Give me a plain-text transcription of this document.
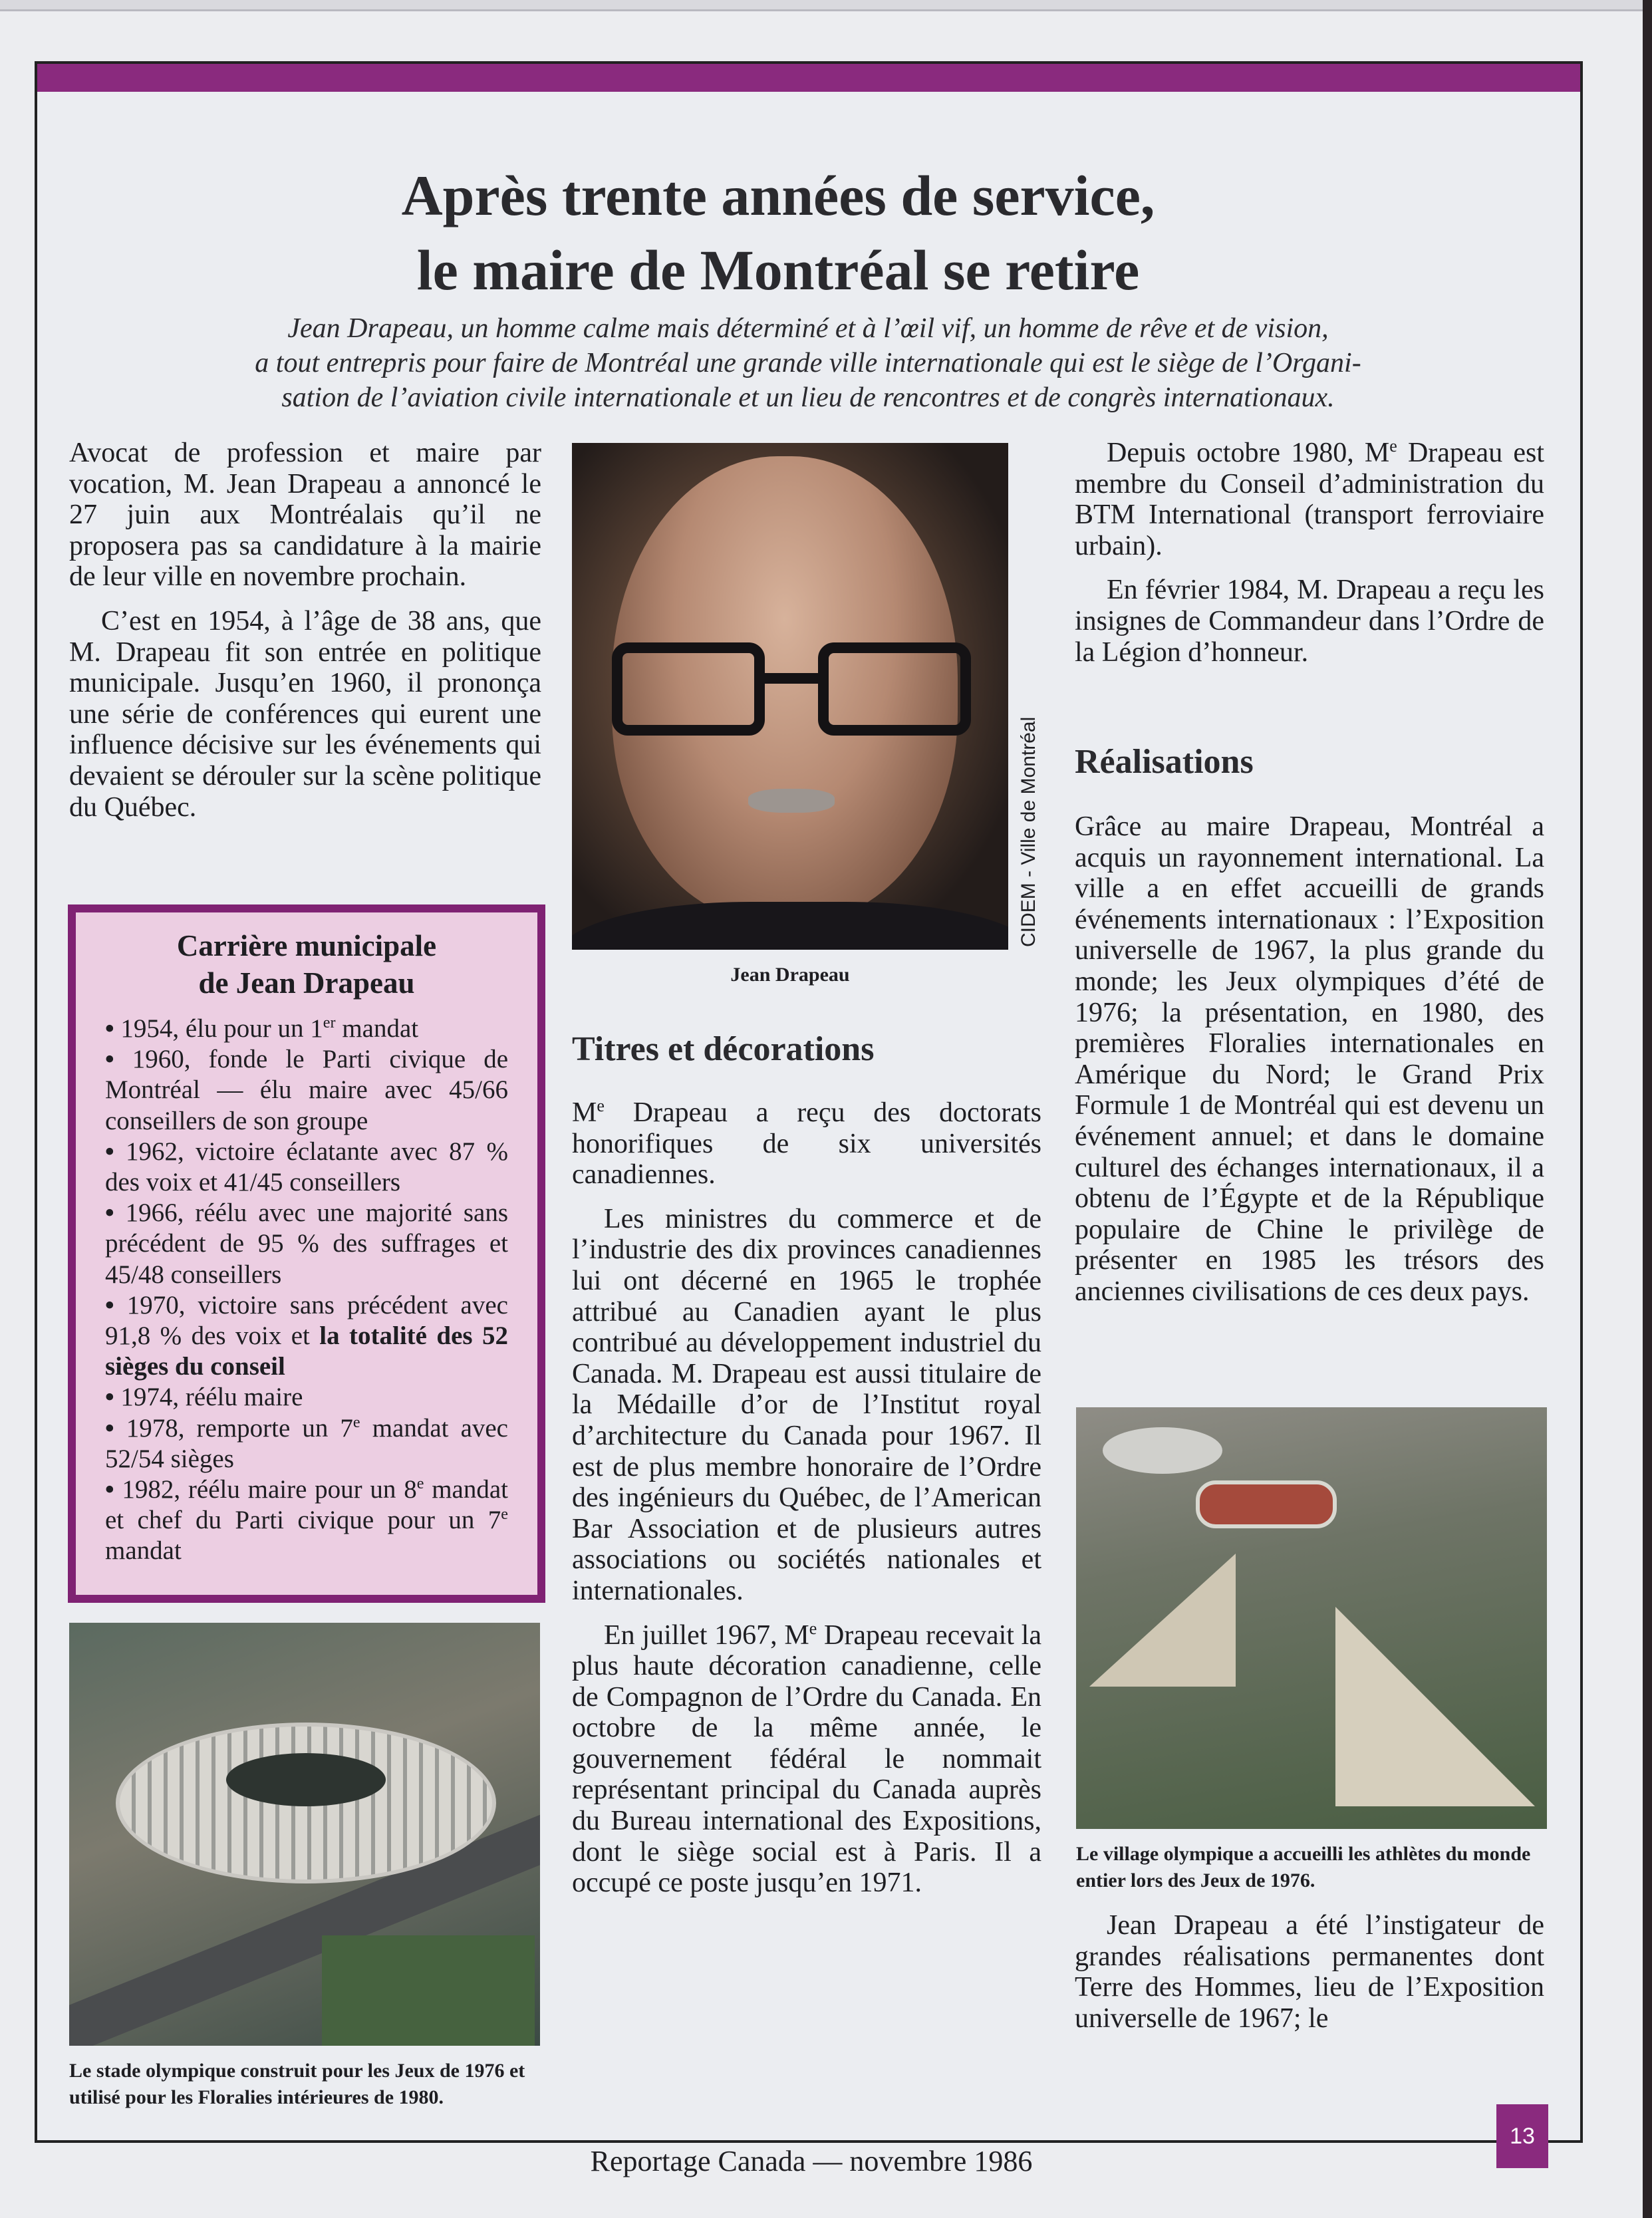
Après trente années de service,
le maire de Montréal se retire

Jean Drapeau, un homme calme mais déterminé et à l’œil vif, un homme de rêve et de vision,
a tout entrepris pour faire de Montréal une grande ville internationale qui est le siège de l’Organi-
sation de l’aviation civile internationale et un lieu de rencontres et de congrès internationaux.

Avocat de profession et maire par vocation, M. Jean Drapeau a annoncé le 27 juin aux Montréalais qu’il ne proposera pas sa candidature à la mairie de leur ville en novembre prochain.

C’est en 1954, à l’âge de 38 ans, que M. Drapeau fit son entrée en politique municipale. Jusqu’en 1960, il prononça une série de conférences qui eurent une influence décisive sur les événements qui devaient se dérouler sur la scène politique du Québec.

Carrière municipale
de Jean Drapeau
• 1954, élu pour un 1er mandat
• 1960, fonde le Parti civique de Montréal — élu maire avec 45/66 conseillers de son groupe
• 1962, victoire éclatante avec 87 % des voix et 41/45 conseillers
• 1966, réélu avec une majorité sans précédent de 95 % des suffrages et 45/48 conseillers
• 1970, victoire sans précédent avec 91,8 % des voix et la totalité des 52 sièges du conseil
• 1974, réélu maire
• 1978, remporte un 7e mandat avec 52/54 sièges
• 1982, réélu maire pour un 8e mandat et chef du Parti civique pour un 7e mandat
CIDEM - Ville de Montréal
Jean Drapeau
Titres et décorations

Me Drapeau a reçu des doctorats honorifiques de six universités canadiennes.

Les ministres du commerce et de l’industrie des dix provinces canadiennes lui ont décerné en 1965 le trophée attribué au Canadien ayant le plus contribué au développement industriel du Canada. M. Drapeau est aussi titulaire de la Médaille d’or de l’Institut royal d’architecture du Canada pour 1967. Il est de plus membre honoraire de l’Ordre des ingénieurs du Québec, de l’American Bar Association et de plusieurs autres associations ou sociétés nationales et internationales.

En juillet 1967, Me Drapeau recevait la plus haute décoration canadienne, celle de Compagnon de l’Ordre du Canada. En octobre de la même année, le gouvernement fédéral le nommait représentant principal du Canada auprès du Bureau international des Expositions, dont le siège social est à Paris. Il a occupé ce poste jusqu’en 1971.

Depuis octobre 1980, Me Drapeau est membre du Conseil d’administration du BTM International (transport ferroviaire urbain).

En février 1984, M. Drapeau a reçu les insignes de Commandeur dans l’Ordre de la Légion d’honneur.

Réalisations

Grâce au maire Drapeau, Montréal a acquis un rayonnement international. La ville a en effet accueilli de grands événements internationaux : l’Exposition universelle de 1967, la plus grande du monde; les Jeux olympiques d’été de 1976; la présentation, en 1980, des premières Floralies internationales en Amérique du Nord; le Grand Prix Formule 1 de Montréal qui est devenu un événement annuel; et dans le domaine culturel des échanges internationaux, il a obtenu de l’Égypte et de la République populaire de Chine le privilège de présenter en 1985 les trésors des anciennes civilisations de ces deux pays.

Le village olympique a accueilli les athlètes du monde entier lors des Jeux de 1976.

Jean Drapeau a été l’instigateur de grandes réalisations permanentes dont Terre des Hommes, lieu de l’Exposition universelle de 1967; le

Le stade olympique construit pour les Jeux de 1976 et utilisé pour les Floralies intérieures de 1980.
Reportage Canada — novembre 1986
13
